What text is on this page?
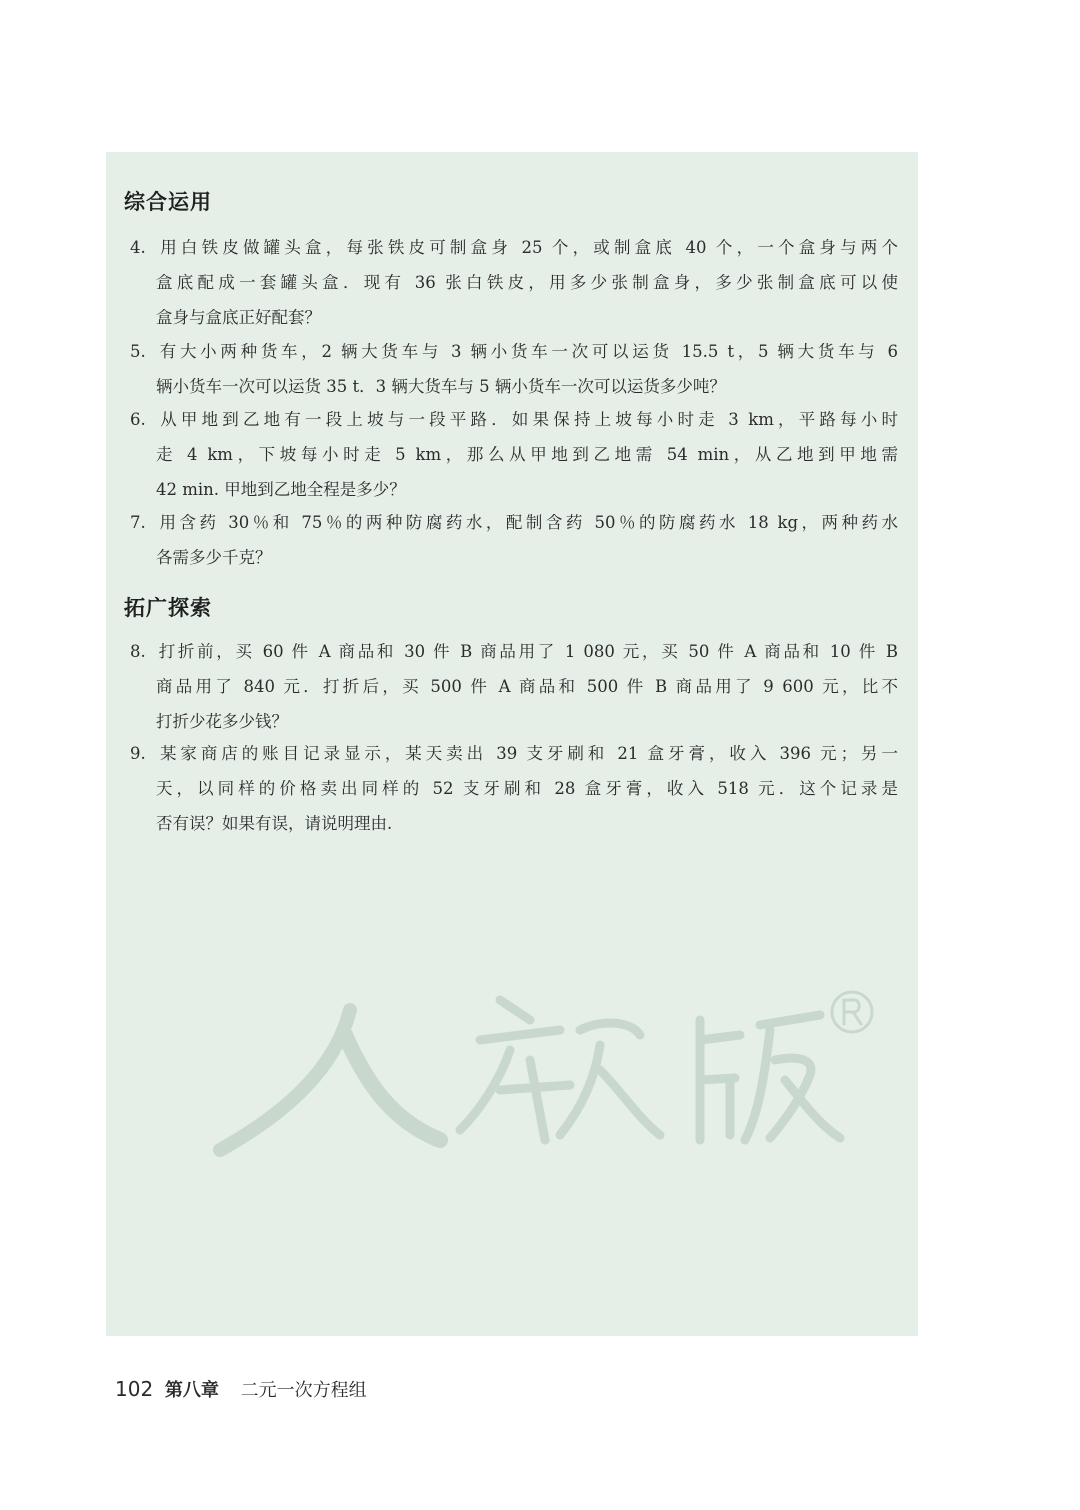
综合运用
4. 用白铁皮做罐头盒，每张铁皮可制盒身 25 个，或制盒底 40 个，一个盒身与两个
盒底配成一套罐头盒．现有 36 张白铁皮，用多少张制盒身，多少张制盒底可以使
盒身与盒底正好配套？
5. 有大小两种货车，2 辆大货车与 3 辆小货车一次可以运货 15.5 t，5 辆大货车与 6
辆小货车一次可以运货 35 t．3 辆大货车与 5 辆小货车一次可以运货多少吨？
6. 从甲地到乙地有一段上坡与一段平路．如果保持上坡每小时走 3 km，平路每小时
走 4 km，下坡每小时走 5 km，那么从甲地到乙地需 54 min，从乙地到甲地需
42 min. 甲地到乙地全程是多少？
7. 用含药 30％和 75％的两种防腐药水，配制含药 50％的防腐药水 18 kg，两种药水
各需多少千克？
拓广探索
8. 打折前，买 60 件 A 商品和 30 件 B 商品用了 1 080 元，买 50 件 A 商品和 10 件 B
商品用了 840 元．打折后，买 500 件 A 商品和 500 件 B 商品用了 9 600 元，比不
打折少花多少钱？
9. 某家商店的账目记录显示，某天卖出 39 支牙刷和 21 盒牙膏，收入 396 元；另一
天，以同样的价格卖出同样的 52 支牙刷和 28 盒牙膏，收入 518 元．这个记录是
否有误？如果有误，请说明理由.
102 第八章 二元一次方程组
